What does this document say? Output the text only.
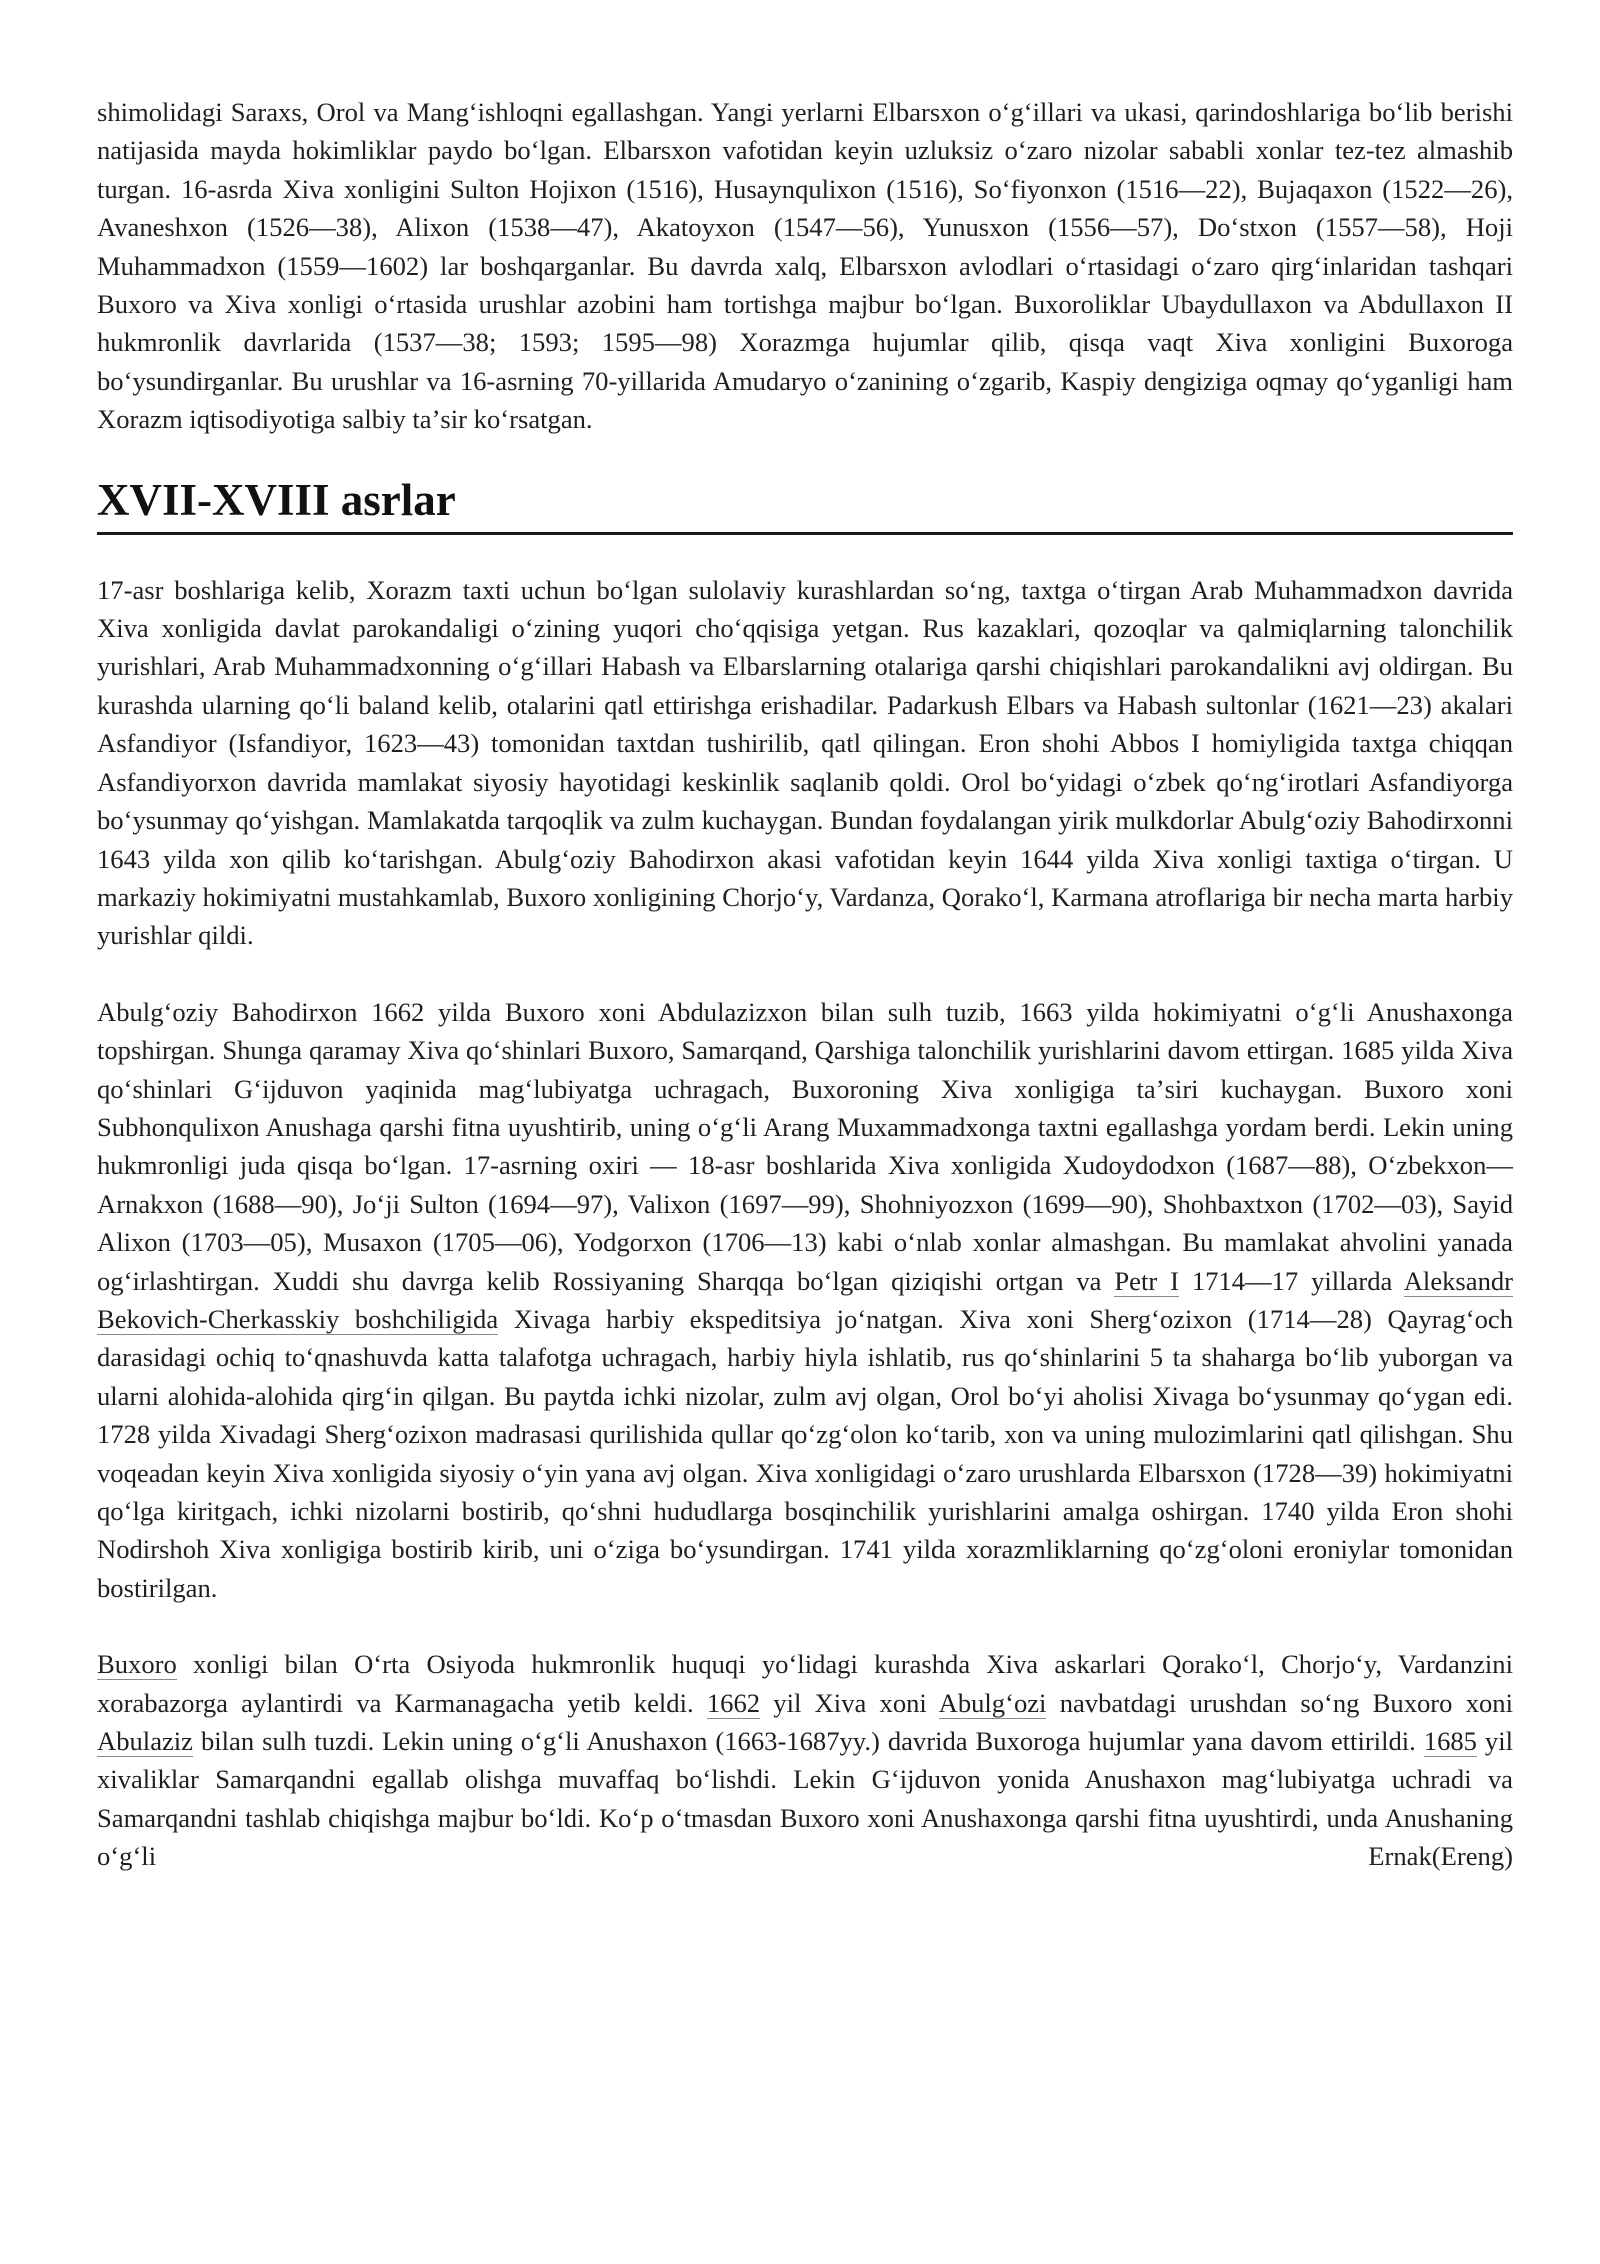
shimolidagi Saraxs, Orol va Mangʻishloqni egallashgan. Yangi yerlarni Elbarsxon oʻgʻillari va ukasi, qarindoshlariga boʻlib berishi natijasida mayda hokimliklar paydo boʻlgan. Elbarsxon vafotidan keyin uzluksiz oʻzaro nizolar sababli xonlar tez-tez almashib turgan. 16-asrda Xiva xonligini Sulton Hojixon (1516), Husaynqulixon (1516), Soʻfiyonxon (1516—22), Bujaqaxon (1522—26), Avaneshxon (1526—38), Alixon (1538—47), Akatoyxon (1547—56), Yunusxon (1556—57), Doʻstxon (1557—58), Hoji Muhammadxon (1559—1602) lar boshqarganlar. Bu davrda xalq, Elbarsxon avlodlari oʻrtasidagi oʻzaro qirgʻinlaridan tashqari Buxoro va Xiva xonligi oʻrtasida urushlar azobini ham tortishga majbur boʻlgan. Buxoroliklar Ubaydullaxon va Abdullaxon II hukmronlik davrlarida (1537—38; 1593; 1595—98) Xorazmga hujumlar qilib, qisqa vaqt Xiva xonligini Buxoroga boʻysundirganlar. Bu urushlar va 16-asrning 70-yillarida Amudaryo oʻzanining oʻzgarib, Kaspiy dengiziga oqmay qoʻyganligi ham Xorazm iqtisodiyotiga salbiy taʼsir koʻrsatgan.

XVII-XVIII asrlar

17-asr boshlariga kelib, Xorazm taxti uchun boʻlgan sulolaviy kurashlardan soʻng, taxtga oʻtirgan Arab Muhammadxon davrida Xiva xonligida davlat parokandaligi oʻzining yuqori choʻqqisiga yetgan. Rus kazaklari, qozoqlar va qalmiqlarning talonchilik yurishlari, Arab Muhammadxonning oʻgʻillari Habash va Elbarslarning otalariga qarshi chiqishlari parokandalikni avj oldirgan. Bu kurashda ularning qoʻli baland kelib, otalarini qatl ettirishga erishadilar. Padarkush Elbars va Habash sultonlar (1621—23) akalari Asfandiyor (Isfandiyor, 1623—43) tomonidan taxtdan tushirilib, qatl qilingan. Eron shohi Abbos I homiyligida taxtga chiqqan Asfandiyorxon davrida mamlakat siyosiy hayotidagi keskinlik saqlanib qoldi. Orol boʻyidagi oʻzbek qoʻngʻirotlari Asfandiyorga boʻysunmay qoʻyishgan. Mamlakatda tarqoqlik va zulm kuchaygan. Bundan foydalangan yirik mulkdorlar Abulgʻoziy Bahodirxonni 1643 yilda xon qilib koʻtarishgan. Abulgʻoziy Bahodirxon akasi vafotidan keyin 1644 yilda Xiva xonligi taxtiga oʻtirgan. U markaziy hokimiyatni mustahkamlab, Buxoro xonligining Chorjoʻy, Vardanza, Qorakoʻl, Karmana atroflariga bir necha marta harbiy yurishlar qildi.

Abulgʻoziy Bahodirxon 1662 yilda Buxoro xoni Abdulazizxon bilan sulh tuzib, 1663 yilda hokimiyatni oʻgʻli Anushaxonga topshirgan. Shunga qaramay Xiva qoʻshinlari Buxoro, Samarqand, Qarshiga talonchilik yurishlarini davom ettirgan. 1685 yilda Xiva qoʻshinlari Gʻijduvon yaqinida magʻlubiyatga uchragach, Buxoroning Xiva xonligiga taʼsiri kuchaygan. Buxoro xoni Subhonqulixon Anushaga qarshi fitna uyushtirib, uning oʻgʻli Arang Muxammadxonga taxtni egallashga yordam berdi. Lekin uning hukmronligi juda qisqa boʻlgan. 17-asrning oxiri — 18-asr boshlarida Xiva xonligida Xudoydodxon (1687—88), Oʻzbekxon— Arnakxon (1688—90), Joʻji Sulton (1694—97), Valixon (1697—99), Shohniyozxon (1699—90), Shohbaxtxon (1702—03), Sayid Alixon (1703—05), Musaxon (1705—06), Yodgorxon (1706—13) kabi oʻnlab xonlar almashgan. Bu mamlakat ahvolini yanada ogʻirlashtirgan. Xuddi shu davrga kelib Rossiyaning Sharqqa boʻlgan qiziqishi ortgan va Petr I 1714—17 yillarda Aleksandr Bekovich-Cherkasskiy boshchiligida Xivaga harbiy ekspeditsiya joʻnatgan. Xiva xoni Shergʻozixon (1714—28) Qayragʻoch darasidagi ochiq toʻqnashuvda katta talafotga uchragach, harbiy hiyla ishlatib, rus qoʻshinlarini 5 ta shaharga boʻlib yuborgan va ularni alohida-alohida qirgʻin qilgan. Bu paytda ichki nizolar, zulm avj olgan, Orol boʻyi aholisi Xivaga boʻysunmay qoʻygan edi. 1728 yilda Xivadagi Shergʻozixon madrasasi qurilishida qullar qoʻzgʻolon koʻtarib, xon va uning mulozimlarini qatl qilishgan. Shu voqeadan keyin Xiva xonligida siyosiy oʻyin yana avj olgan. Xiva xonligidagi oʻzaro urushlarda Elbarsxon (1728—39) hokimiyatni qoʻlga kiritgach, ichki nizolarni bostirib, qoʻshni hududlarga bosqinchilik yurishlarini amalga oshirgan. 1740 yilda Eron shohi Nodirshoh Xiva xonligiga bostirib kirib, uni oʻziga boʻysundirgan. 1741 yilda xorazmliklarning qoʻzgʻoloni eroniylar tomonidan bostirilgan.

Buxoro xonligi bilan Oʻrta Osiyoda hukmronlik huquqi yoʻlidagi kurashda Xiva askarlari Qorakoʻl, Chorjoʻy, Vardanzini xorabazorga aylantirdi va Karmanagacha yetib keldi. 1662 yil Xiva xoni Abulgʻozi navbatdagi urushdan soʻng Buxoro xoni Abulaziz bilan sulh tuzdi. Lekin uning oʻgʻli Anushaxon (1663-1687yy.) davrida Buxoroga hujumlar yana davom ettirildi. 1685 yil xivaliklar Samarqandni egallab olishga muvaffaq boʻlishdi. Lekin Gʻijduvon yonida Anushaxon magʻlubiyatga uchradi va Samarqandni tashlab chiqishga majbur boʻldi. Koʻp oʻtmasdan Buxoro xoni Anushaxonga qarshi fitna uyushtirdi, unda Anushaning oʻgʻli Ernak(Ereng)
